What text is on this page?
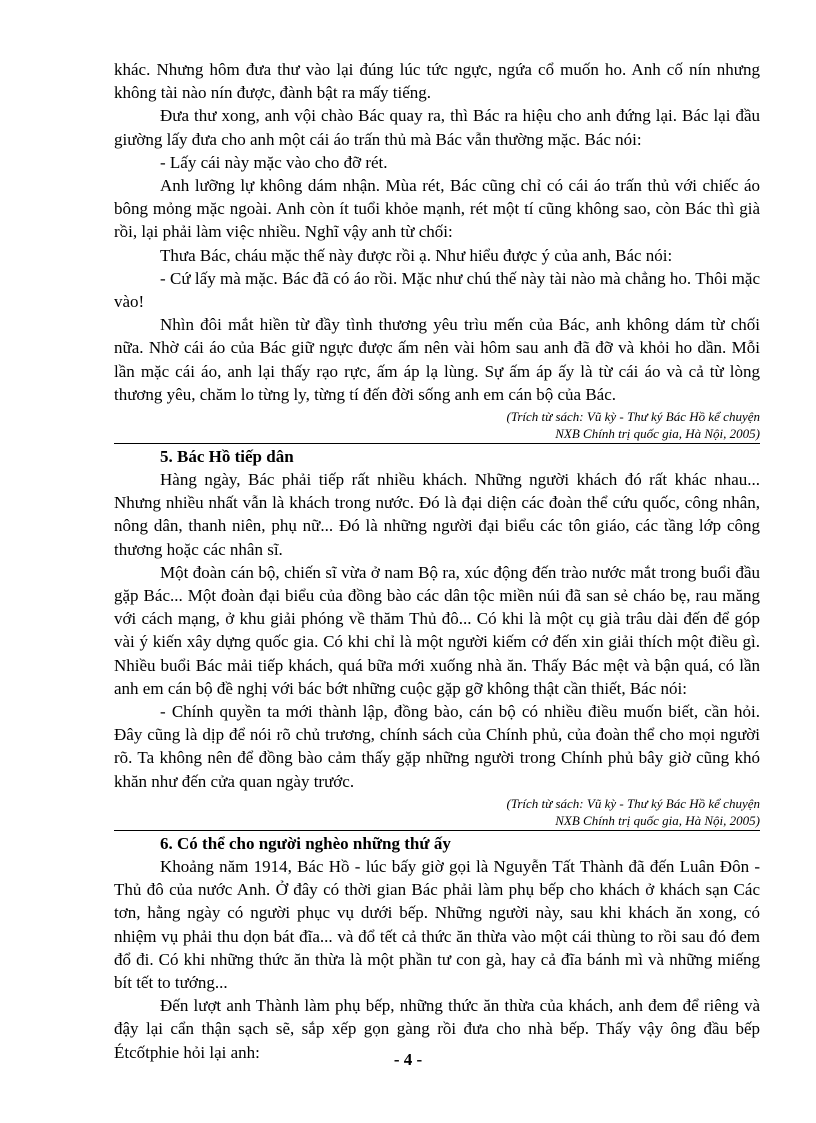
khác. Nhưng hôm đưa thư vào lại đúng lúc tức ngực, ngứa cổ muốn ho. Anh cố nín nhưng không tài nào nín được, đành bật ra mấy tiếng.

Đưa thư xong, anh vội chào Bác quay ra, thì Bác ra hiệu cho anh đứng lại. Bác lại đầu giường lấy đưa cho anh một cái áo trấn thủ mà Bác vẫn thường mặc. Bác nói:

- Lấy cái này mặc vào cho đỡ rét.

Anh lưỡng lự không dám nhận. Mùa rét, Bác cũng chỉ có cái áo trấn thủ với chiếc áo bông mỏng mặc ngoài. Anh còn ít tuổi khỏe mạnh, rét một tí cũng không sao, còn Bác thì già rồi, lại phải làm việc nhiều. Nghĩ vậy anh từ chối:

Thưa Bác, cháu mặc thế này được rồi ạ. Như hiểu được ý của anh, Bác nói:

- Cứ lấy mà mặc. Bác đã có áo rồi. Mặc như chú thế này tài nào mà chẳng ho. Thôi mặc vào!

Nhìn đôi mắt hiền từ đầy tình thương yêu trìu mến của Bác, anh không dám từ chối nữa. Nhờ cái áo của Bác giữ ngực được ấm nên vài hôm sau anh đã đỡ và khỏi ho dần. Mỗi lần mặc cái áo, anh lại thấy rạo rực, ấm áp lạ lùng. Sự ấm áp ấy là từ cái áo và cả từ lòng thương yêu, chăm lo từng ly, từng tí đến đời sống anh em cán bộ của Bác.

(Trích từ sách: Vũ kỳ - Thư ký Bác Hồ kể chuyện
NXB Chính trị quốc gia, Hà Nội, 2005)
5. Bác Hồ tiếp dân

Hàng ngày, Bác phải tiếp rất nhiều khách. Những người khách đó rất khác nhau... Nhưng nhiều nhất vẫn là khách trong nước. Đó là đại diện các đoàn thể cứu quốc, công nhân, nông dân, thanh niên, phụ nữ... Đó là những người đại biểu các tôn giáo, các tầng lớp công thương hoặc các nhân sĩ.

Một đoàn cán bộ, chiến sĩ vừa ở nam Bộ ra, xúc động đến trào nước mắt trong buổi đầu gặp Bác... Một đoàn đại biểu của đồng bào các dân tộc miền núi đã san sẻ cháo bẹ, rau măng với cách mạng, ở khu giải phóng về thăm Thủ đô... Có khi là một cụ già trâu dài đến để góp vài ý kiến xây dựng quốc gia. Có khi chỉ là một người kiếm cớ đến xin giải thích một điều gì. Nhiều buổi Bác mải tiếp khách, quá bữa mới xuống nhà ăn. Thấy Bác mệt và bận quá, có lần anh em cán bộ đề nghị với bác bớt những cuộc gặp gỡ không thật cần thiết, Bác nói:

- Chính quyền ta mới thành lập, đồng bào, cán bộ có nhiều điều muốn biết, cần hỏi. Đây cũng là dịp để nói rõ chủ trương, chính sách của Chính phủ, của đoàn thể cho mọi người rõ. Ta không nên để đồng bào cảm thấy gặp những người trong Chính phủ bây giờ cũng khó khăn như đến cửa quan ngày trước.

(Trích từ sách: Vũ kỳ - Thư ký Bác Hồ kể chuyện
NXB Chính trị quốc gia, Hà Nội, 2005)
6. Có thể cho người nghèo những thứ ấy

Khoảng năm 1914, Bác Hồ - lúc bấy giờ gọi là Nguyễn Tất Thành đã đến Luân Đôn - Thủ đô của nước Anh. Ở đây có thời gian Bác phải làm phụ bếp cho khách ở khách sạn Các tơn, hằng ngày có người phục vụ dưới bếp. Những người này, sau khi khách ăn xong, có nhiệm vụ phải thu dọn bát đĩa... và đổ tết cả thức ăn thừa vào một cái thùng to rồi sau đó đem đổ đi. Có khi những thức ăn thừa là một phần tư con gà, hay cả đĩa bánh mì và những miếng bít tết to tướng...

Đến lượt anh Thành làm phụ bếp, những thức ăn thừa của khách, anh đem để riêng và đậy lại cẩn thận sạch sẽ, sắp xếp gọn gàng rồi đưa cho nhà bếp. Thấy vậy ông đầu bếp Étcốtphie hỏi lại anh:	- 4 -
